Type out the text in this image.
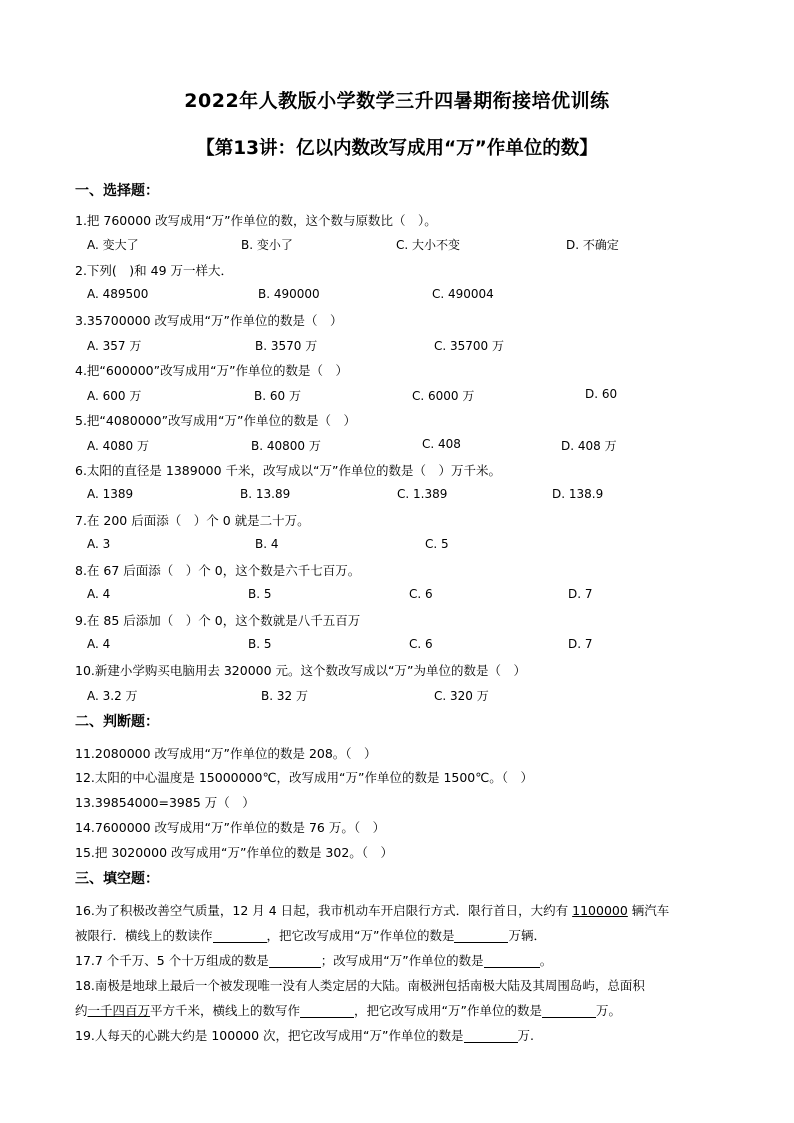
2022年人教版小学数学三升四暑期衔接培优训练
【第13讲：亿以内数改写成用“万”作单位的数】
一、选择题：
1.把 760000 改写成用“万”作单位的数，这个数与原数比（　）。
A. 变大了	B. 变小了	C. 大小不变	D. 不确定
2.下列(　)和 49 万一样大．
A. 489500	B. 490000	C. 490004
3.35700000 改写成用“万”作单位的数是（　）
A. 357 万	B. 3570 万	C. 35700 万
4.把“600000”改写成用“万”作单位的数是（　）
A. 600 万	B. 60 万	C. 6000 万	D. 60
5.把“4080000”改写成用“万”作单位的数是（　）
A. 4080 万	B. 40800 万	C. 408	D. 408 万
6.太阳的直径是 1389000 千米，改写成以“万”作单位的数是（　）万千米。
A. 1389	B. 13.89	C. 1.389	D. 138.9
7.在 200 后面添（　）个 0 就是二十万。
A. 3	B. 4	C. 5
8.在 67 后面添（　）个 0，这个数是六千七百万。
A. 4	B. 5	C. 6	D. 7
9.在 85 后添加（　）个 0，这个数就是八千五百万
A. 4	B. 5	C. 6	D. 7
10.新建小学购买电脑用去 320000 元。这个数改写成以“万”为单位的数是（　）
A. 3.2 万	B. 32 万	C. 320 万
二、判断题：
11.2080000 改写成用“万”作单位的数是 208。（　）
12.太阳的中心温度是 15000000℃，改写成用“万”作单位的数是 1500℃。（　）
13.39854000=3985 万（　）
14.7600000 改写成用“万”作单位的数是 76 万。（　）
15.把 3020000 改写成用“万”作单位的数是 302。（　）
三、填空题：
16.为了积极改善空气质量，12 月 4 日起，我市机动车开启限行方式．限行首日，大约有 1100000 辆汽车
被限行．横线上的数读作	，把它改写成用“万”作单位的数是	万辆．
17.7 个千万、5 个十万组成的数是	；改写成用“万”作单位的数是	。
18.南极是地球上最后一个被发现唯一没有人类定居的大陆。南极洲包括南极大陆及其周围岛屿，总面积
约一千四百万平方千米，横线上的数写作	，把它改写成用“万”作单位的数是	万。
19.人每天的心跳大约是 100000 次，把它改写成用“万”作单位的数是	万.
